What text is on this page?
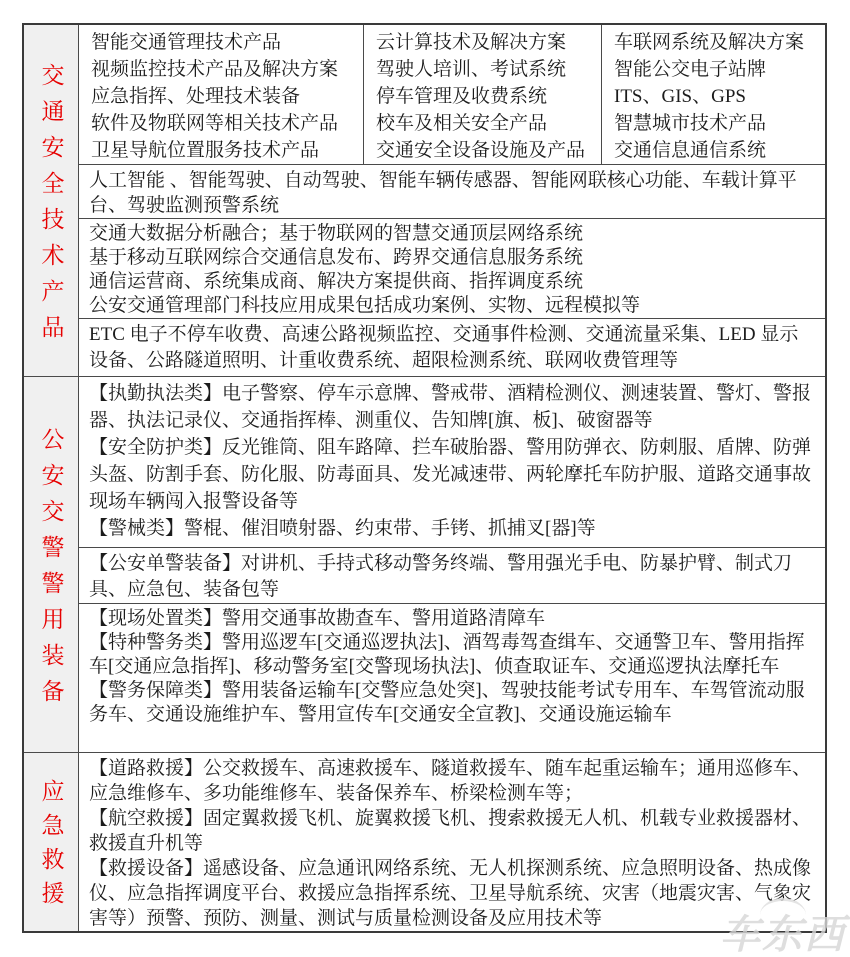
交通安全技术产品
智能交通管理技术产品
视频监控技术产品及解决方案
应急指挥、处理技术装备
软件及物联网等相关技术产品
卫星导航位置服务技术产品
云计算技术及解决方案
驾驶人培训、考试系统
停车管理及收费系统
校车及相关安全产品
交通安全设备设施及产品
车联网系统及解决方案
智能公交电子站牌
ITS、GIS、GPS
智慧城市技术产品
交通信息通信系统
人工智能 、智能驾驶、自动驾驶、智能车辆传感器、智能网联核心功能、车载计算平台、驾驶监测预警系统
交通大数据分析融合；基于物联网的智慧交通顶层网络系统
基于移动互联网综合交通信息发布、跨界交通信息服务系统
通信运营商、系统集成商、解决方案提供商、指挥调度系统
公安交通管理部门科技应用成果包括成功案例、实物、远程模拟等
ETC 电子不停车收费、高速公路视频监控、交通事件检测、交通流量采集、LED 显示设备、公路隧道照明、计重收费系统、超限检测系统、联网收费管理等
公安交警警用装备
【执勤执法类】电子警察、停车示意牌、警戒带、酒精检测仪、测速装置、警灯、警报器、执法记录仪、交通指挥棒、测重仪、告知牌[旗、板]、破窗器等
【安全防护类】反光锥筒、阻车路障、拦车破胎器、警用防弹衣、防刺服、盾牌、防弹头盔、防割手套、防化服、防毒面具、发光减速带、两轮摩托车防护服、道路交通事故现场车辆闯入报警设备等
【警械类】警棍、催泪喷射器、约束带、手铐、抓捕叉[器]等
【公安单警装备】对讲机、手持式移动警务终端、警用强光手电、防暴护臂、制式刀具、应急包、装备包等
【现场处置类】警用交通事故勘查车、警用道路清障车
【特种警务类】警用巡逻车[交通巡逻执法]、酒驾毒驾查缉车、交通警卫车、警用指挥车[交通应急指挥]、移动警务室[交警现场执法]、侦查取证车、交通巡逻执法摩托车
【警务保障类】警用装备运输车[交警应急处突]、驾驶技能考试专用车、车驾管流动服务车、交通设施维护车、警用宣传车[交通安全宣教]、交通设施运输车
应急救援
【道路救援】公交救援车、高速救援车、隧道救援车、随车起重运输车；通用巡修车、应急维修车、多功能维修车、装备保养车、桥梁检测车等；
【航空救援】固定翼救援飞机、旋翼救援飞机、搜索救援无人机、机载专业救援器材、救援直升机等
【救援设备】遥感设备、应急通讯网络系统、无人机探测系统、应急照明设备、热成像仪、应急指挥调度平台、救援应急指挥系统、卫星导航系统、灾害（地震灾害、气象灾害等）预警、预防、测量、测试与质量检测设备及应用技术等	车东西
